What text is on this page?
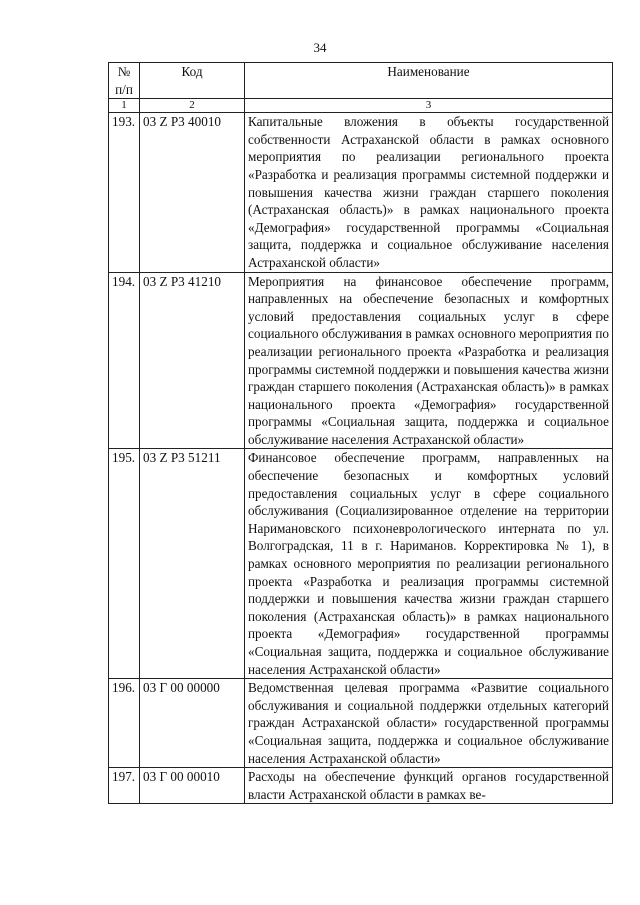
34
№ п/п	Код	Наименование
1	2	3
193.	03 Z P3 40010	Капитальные вложения в объекты государственной собственности Астраханской области в рамках основного мероприятия по реализации регионального проекта «Разработка и реализация программы системной поддержки и повышения качества жизни граждан старшего поколения (Астраханская область)» в рамках национального проекта «Демография» государственной программы «Социальная защита, поддержка и социальное обслуживание населения Астраханской области»
194.	03 Z P3 41210	Мероприятия на финансовое обеспечение программ, направленных на обеспечение безопасных и комфортных условий предоставления социальных услуг в сфере социального обслуживания в рамках основного мероприятия по реализации регионального проекта «Разработка и реализация программы системной поддержки и повышения качества жизни граждан старшего поколения (Астраханская область)» в рамках национального проекта «Демография» государственной программы «Социальная защита, поддержка и социальное обслуживание населения Астраханской области»
195.	03 Z P3 51211	Финансовое обеспечение программ, направленных на обеспечение безопасных и комфортных условий предоставления социальных услуг в сфере социального обслуживания (Социализированное отделение на территории Наримановского психоневрологического интерната по ул. Волгоградская, 11 в г. Нариманов. Корректировка № 1), в рамках основного мероприятия по реализации регионального проекта «Разработка и реализация программы системной поддержки и повышения качества жизни граждан старшего поколения (Астраханская область)» в рамках национального проекта «Демография» государственной программы «Социальная защита, поддержка и социальное обслуживание населения Астраханской области»
196.	03 Г 00 00000	Ведомственная целевая программа «Развитие социального обслуживания и социальной поддержки отдельных категорий граждан Астраханской области» государственной программы «Социальная защита, поддержка и социальное обслуживание населения Астраханской области»
197.	03 Г 00 00010	Расходы на обеспечение функций органов государственной власти Астраханской области в рамках ве-
